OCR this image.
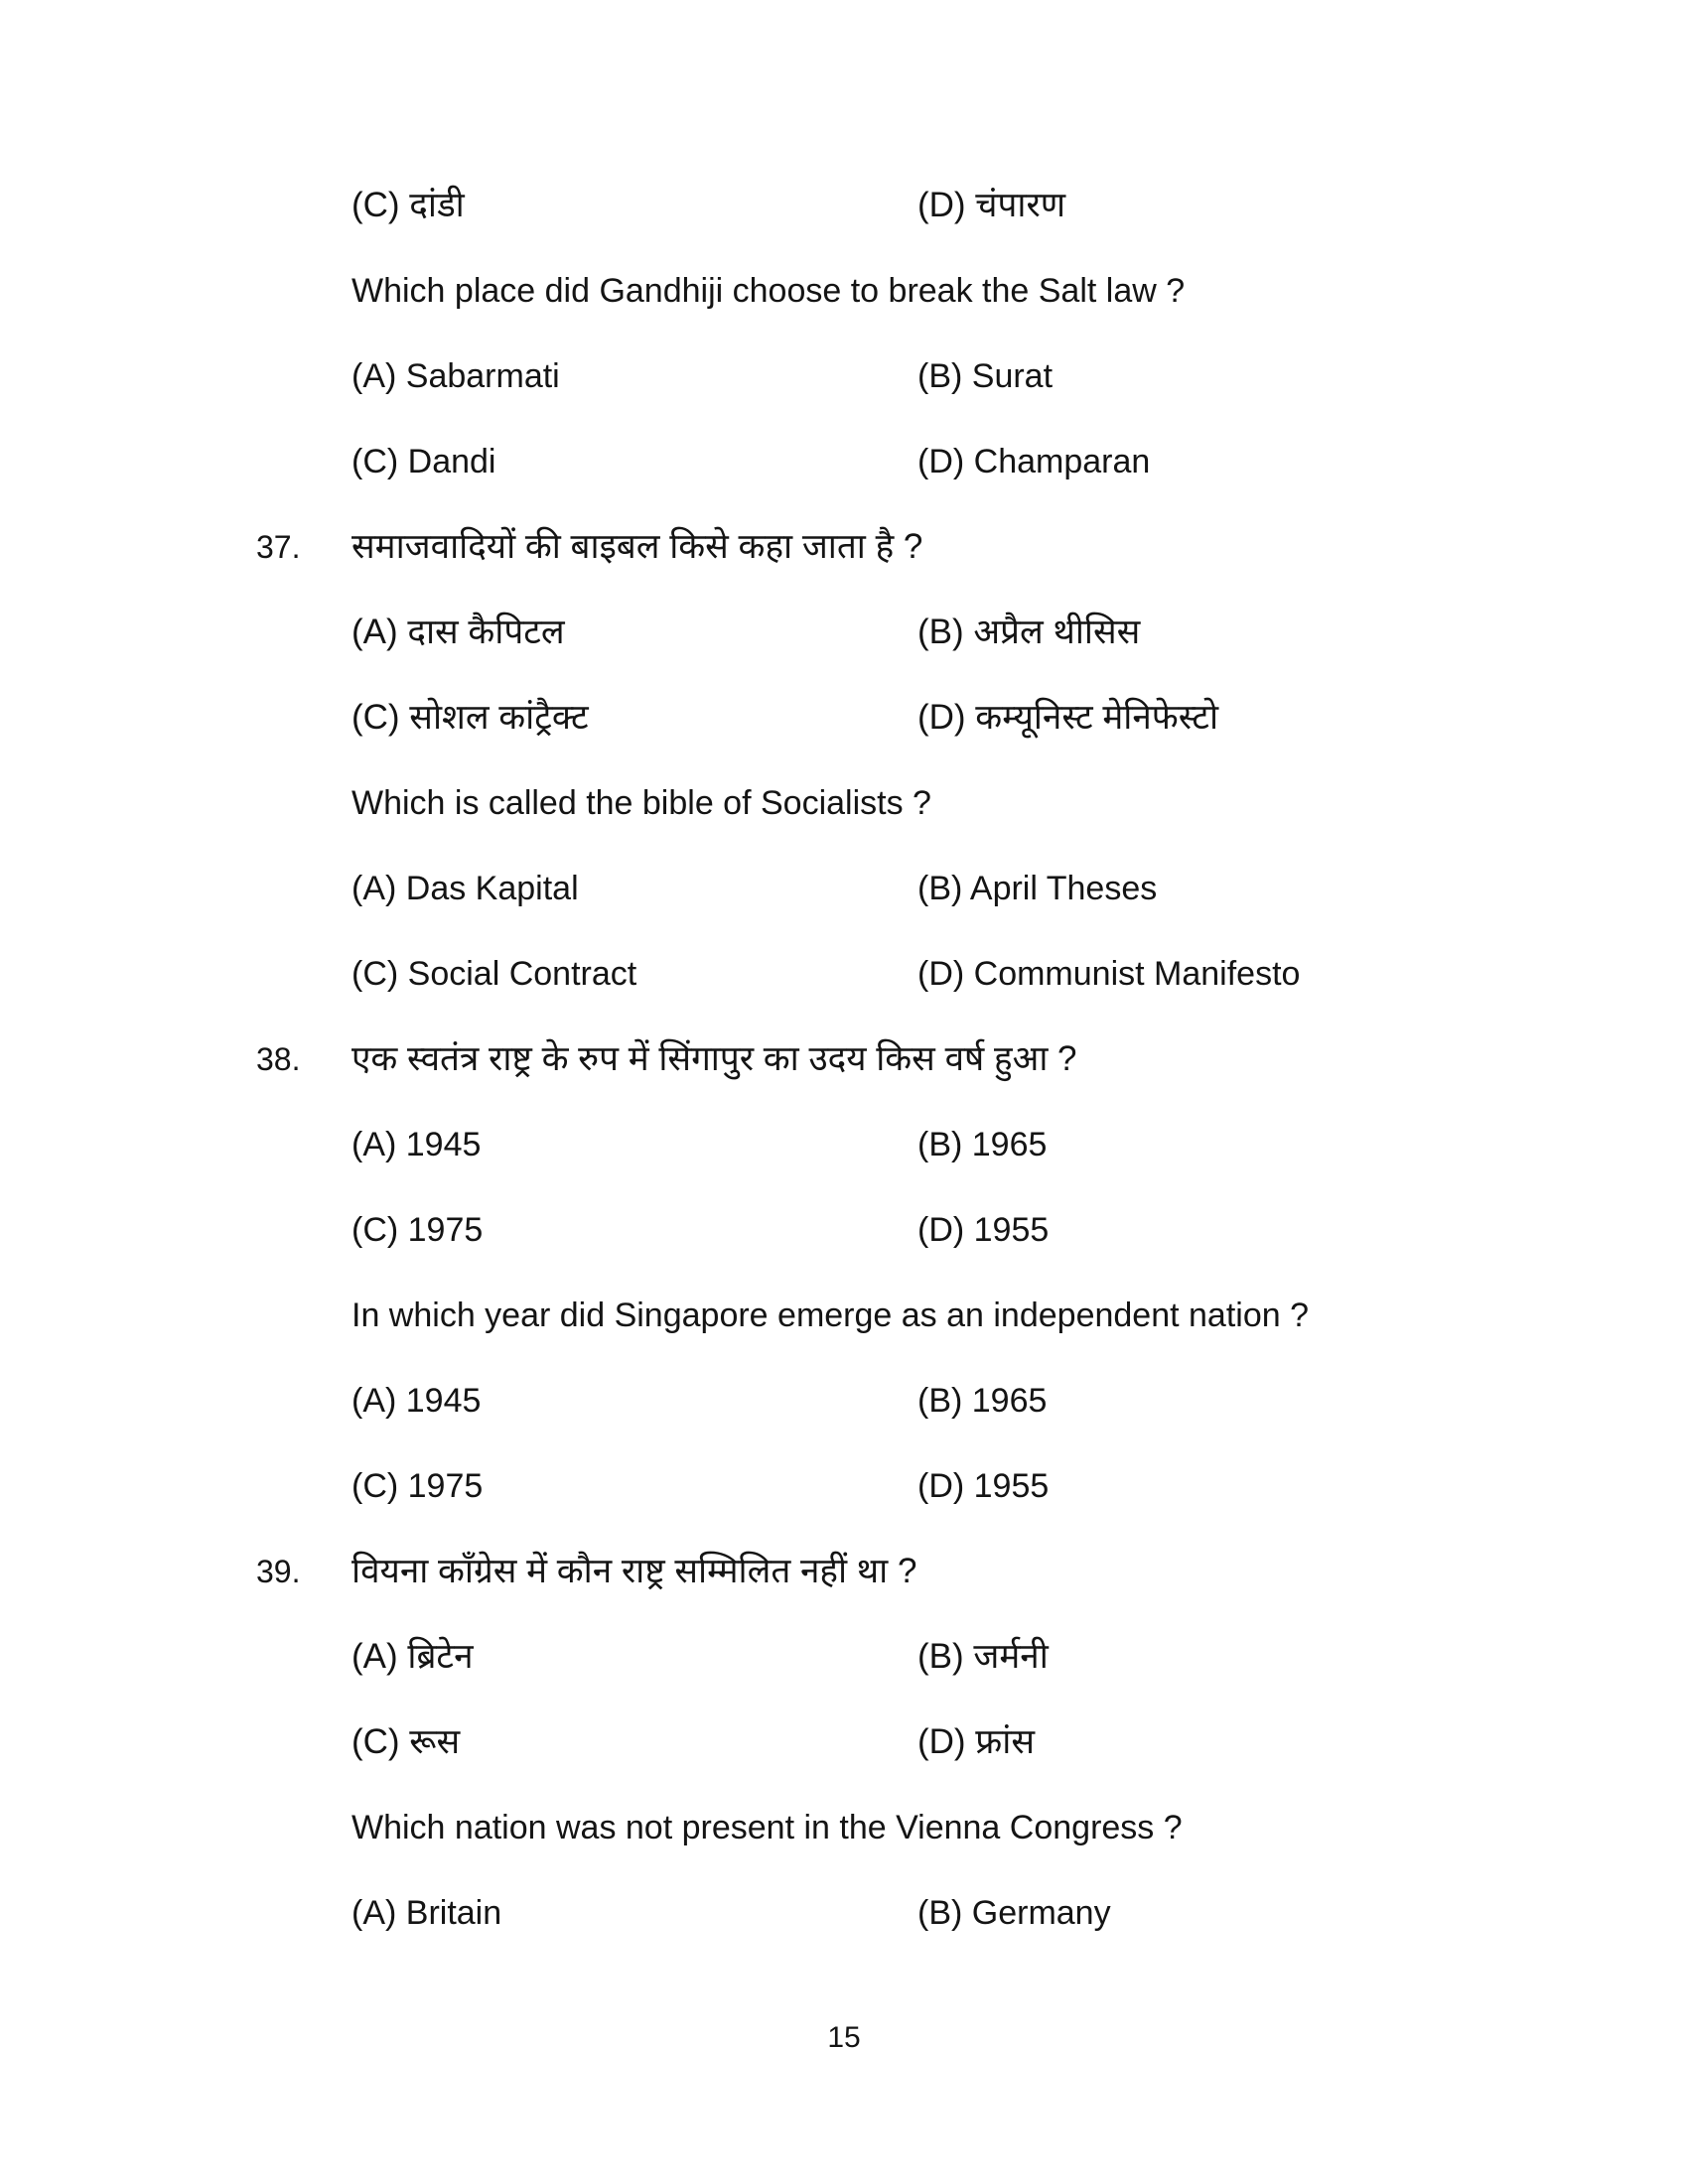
(C) दांडी	(D) चंपारण
Which place did Gandhiji choose to break the Salt law ?
(A) Sabarmati	(B) Surat
(C) Dandi	(D) Champaran
37. समाजवादियों की बाइबल किसे कहा जाता है ?
(A) दास कैपिटल	(B) अप्रैल थीसिस
(C) सोशल कांट्रैक्ट	(D) कम्यूनिस्ट मेनिफेस्टो
Which is called the bible of Socialists ?
(A) Das Kapital	(B) April Theses
(C) Social Contract	(D) Communist Manifesto
38. एक स्वतंत्र राष्ट्र के रुप में सिंगापुर का उदय किस वर्ष हुआ ?
(A) 1945	(B) 1965
(C) 1975	(D) 1955
In which year did Singapore emerge as an independent nation ?
(A) 1945	(B) 1965
(C) 1975	(D) 1955
39. वियना काँग्रेस में कौन राष्ट्र सम्मिलित नहीं था ?
(A) ब्रिटेन	(B) जर्मनी
(C) रूस	(D) फ्रांस
Which nation was not present in the Vienna Congress ?
(A) Britain	(B) Germany
15
